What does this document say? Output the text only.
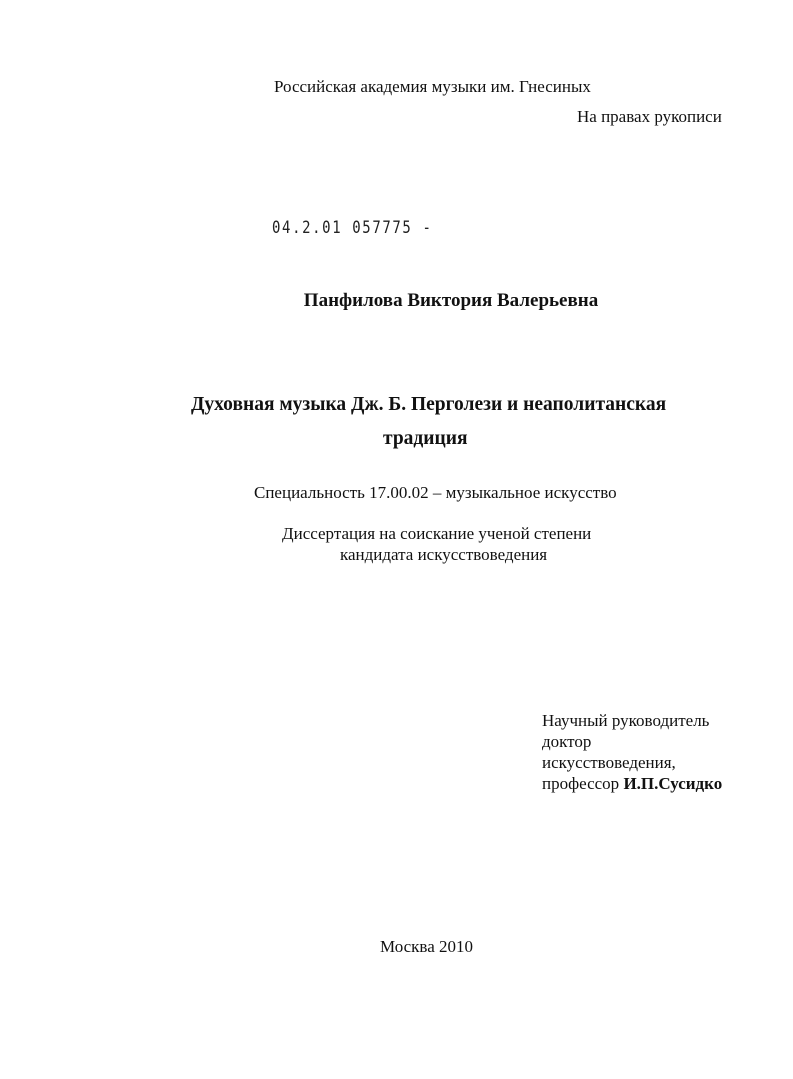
Российская академия музыки им. Гнесиных
На правах рукописи
04.2.01 057775 -
Панфилова Виктория Валерьевна
Духовная музыка Дж. Б. Перголези и неаполитанская
традиция
Специальность 17.00.02 – музыкальное искусство
Диссертация на соискание ученой степени
кандидата искусствоведения
Научный руководитель
доктор
искусствоведения,
профессор И.П.Сусидко
Москва 2010
